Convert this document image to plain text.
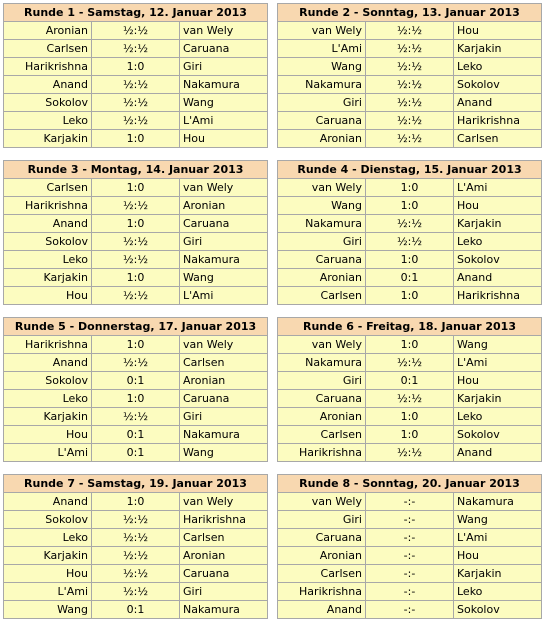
Runde 1 - Samstag, 12. Januar 2013		
Aronian	½:½	van Wely
Carlsen	½:½	Caruana
Harikrishna	1:0	Giri
Anand	½:½	Nakamura
Sokolov	½:½	Wang
Leko	½:½	L'Ami
Karjakin	1:0	Hou
Runde 2 - Sonntag, 13. Januar 2013		
van Wely	½:½	Hou
L'Ami	½:½	Karjakin
Wang	½:½	Leko
Nakamura	½:½	Sokolov
Giri	½:½	Anand
Caruana	½:½	Harikrishna
Aronian	½:½	Carlsen
Runde 3 - Montag, 14. Januar 2013		
Carlsen	1:0	van Wely
Harikrishna	½:½	Aronian
Anand	1:0	Caruana
Sokolov	½:½	Giri
Leko	½:½	Nakamura
Karjakin	1:0	Wang
Hou	½:½	L'Ami
Runde 4 - Dienstag, 15. Januar 2013		
van Wely	1:0	L'Ami
Wang	1:0	Hou
Nakamura	½:½	Karjakin
Giri	½:½	Leko
Caruana	1:0	Sokolov
Aronian	0:1	Anand
Carlsen	1:0	Harikrishna
Runde 5 - Donnerstag, 17. Januar 2013		
Harikrishna	1:0	van Wely
Anand	½:½	Carlsen
Sokolov	0:1	Aronian
Leko	1:0	Caruana
Karjakin	½:½	Giri
Hou	0:1	Nakamura
L'Ami	0:1	Wang
Runde 6 - Freitag, 18. Januar 2013		
van Wely	1:0	Wang
Nakamura	½:½	L'Ami
Giri	0:1	Hou
Caruana	½:½	Karjakin
Aronian	1:0	Leko
Carlsen	1:0	Sokolov
Harikrishna	½:½	Anand
Runde 7 - Samstag, 19. Januar 2013		
Anand	1:0	van Wely
Sokolov	½:½	Harikrishna
Leko	½:½	Carlsen
Karjakin	½:½	Aronian
Hou	½:½	Caruana
L'Ami	½:½	Giri
Wang	0:1	Nakamura
Runde 8 - Sonntag, 20. Januar 2013		
van Wely	-:-	Nakamura
Giri	-:-	Wang
Caruana	-:-	L'Ami
Aronian	-:-	Hou
Carlsen	-:-	Karjakin
Harikrishna	-:-	Leko
Anand	-:-	Sokolov
